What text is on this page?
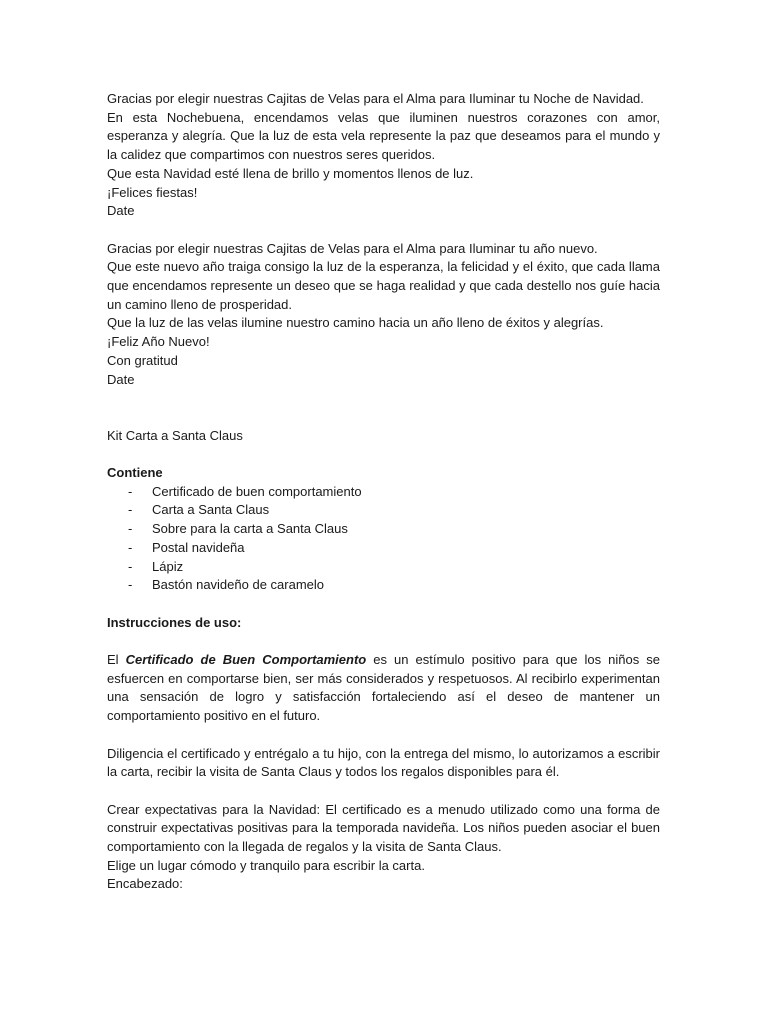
Gracias por elegir nuestras Cajitas de Velas para el Alma para Iluminar tu Noche de Navidad.

En esta Nochebuena, encendamos velas que iluminen nuestros corazones con amor, esperanza y alegría. Que la luz de esta vela represente la paz que deseamos para el mundo y la calidez que compartimos con nuestros seres queridos.

Que esta Navidad esté llena de brillo y momentos llenos de luz.

¡Felices fiestas!

Date

Gracias por elegir nuestras Cajitas de Velas para el Alma para Iluminar tu año nuevo.

Que este nuevo año traiga consigo la luz de la esperanza, la felicidad y el éxito, que cada llama que encendamos represente un deseo que se haga realidad y que cada destello nos guíe hacia un camino lleno de prosperidad.

Que la luz de las velas ilumine nuestro camino hacia un año lleno de éxitos y alegrías.

¡Feliz Año Nuevo!

Con gratitud

Date

Kit Carta a Santa Claus

Contiene

- Certificado de buen comportamiento
- Carta a Santa Claus
- Sobre para la carta a Santa Claus
- Postal navideña
- Lápiz
- Bastón navideño de caramelo

Instrucciones de uso:

El Certificado de Buen Comportamiento es un estímulo positivo para que los niños se esfuercen en comportarse bien, ser más considerados y respetuosos. Al recibirlo experimentan una sensación de logro y satisfacción fortaleciendo así el deseo de mantener un comportamiento positivo en el futuro.

Diligencia el certificado y entrégalo a tu hijo, con la entrega del mismo, lo autorizamos a escribir la carta, recibir la visita de Santa Claus y todos los regalos disponibles para él.

Crear expectativas para la Navidad: El certificado es a menudo utilizado como una forma de construir expectativas positivas para la temporada navideña. Los niños pueden asociar el buen comportamiento con la llegada de regalos y la visita de Santa Claus.

Elige un lugar cómodo y tranquilo para escribir la carta.

Encabezado:
